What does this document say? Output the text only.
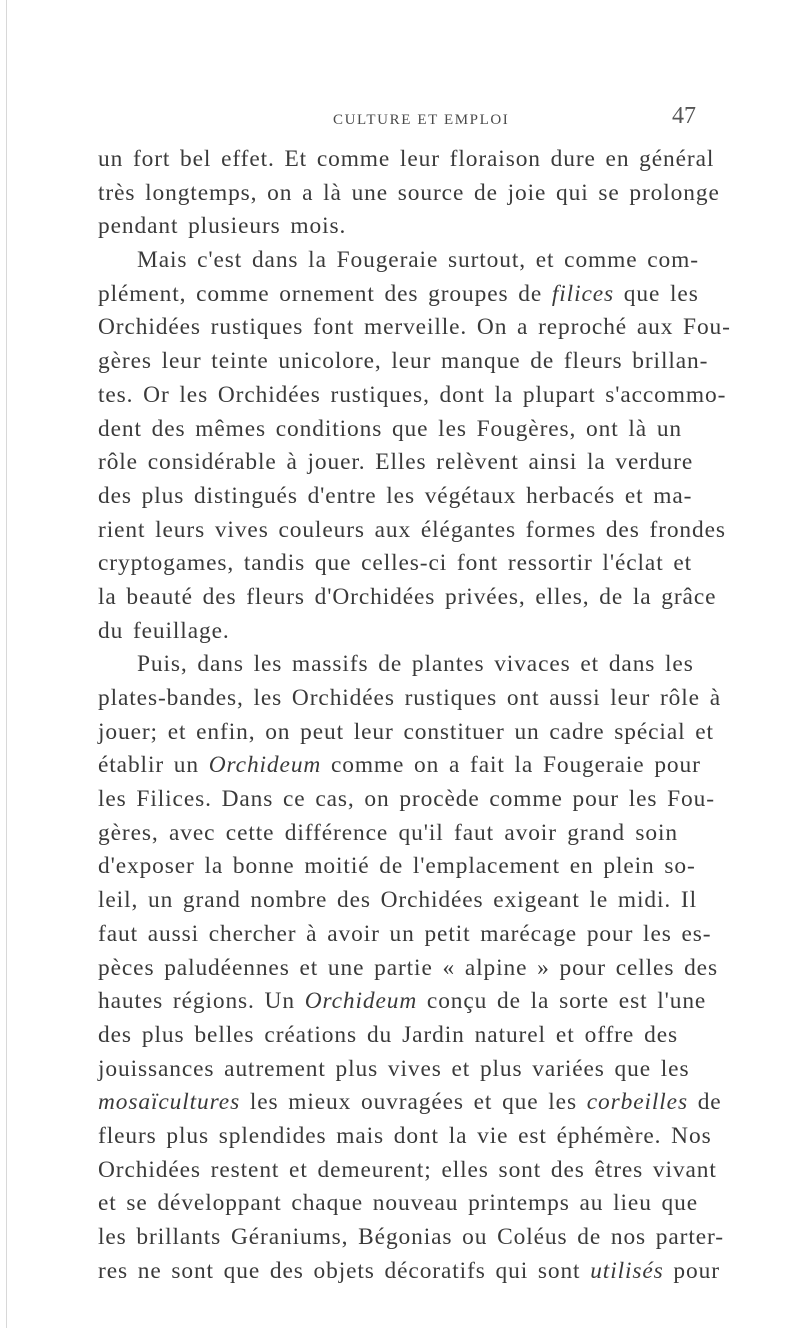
CULTURE ET EMPLOI	47
un fort bel effet. Et comme leur floraison dure en général
très longtemps, on a là une source de joie qui se prolonge
pendant plusieurs mois.
Mais c'est dans la Fougeraie surtout, et comme com-
plément, comme ornement des groupes de filices que les
Orchidées rustiques font merveille. On a reproché aux Fou-
gères leur teinte unicolore, leur manque de fleurs brillan-
tes. Or les Orchidées rustiques, dont la plupart s'accommo-
dent des mêmes conditions que les Fougères, ont là un
rôle considérable à jouer. Elles relèvent ainsi la verdure
des plus distingués d'entre les végétaux herbacés et ma-
rient leurs vives couleurs aux élégantes formes des frondes
cryptogames, tandis que celles-ci font ressortir l'éclat et
la beauté des fleurs d'Orchidées privées, elles, de la grâce
du feuillage.
Puis, dans les massifs de plantes vivaces et dans les
plates-bandes, les Orchidées rustiques ont aussi leur rôle à
jouer; et enfin, on peut leur constituer un cadre spécial et
établir un Orchideum comme on a fait la Fougeraie pour
les Filices. Dans ce cas, on procède comme pour les Fou-
gères, avec cette différence qu'il faut avoir grand soin
d'exposer la bonne moitié de l'emplacement en plein so-
leil, un grand nombre des Orchidées exigeant le midi. Il
faut aussi chercher à avoir un petit marécage pour les es-
pèces paludéennes et une partie « alpine » pour celles des
hautes régions. Un Orchideum conçu de la sorte est l'une
des plus belles créations du Jardin naturel et offre des
jouissances autrement plus vives et plus variées que les
mosaïcultures les mieux ouvragées et que les corbeilles de
fleurs plus splendides mais dont la vie est éphémère. Nos
Orchidées restent et demeurent; elles sont des êtres vivant
et se développant chaque nouveau printemps au lieu que
les brillants Géraniums, Bégonias ou Coléus de nos parter-
res ne sont que des objets décoratifs qui sont utilisés pour
